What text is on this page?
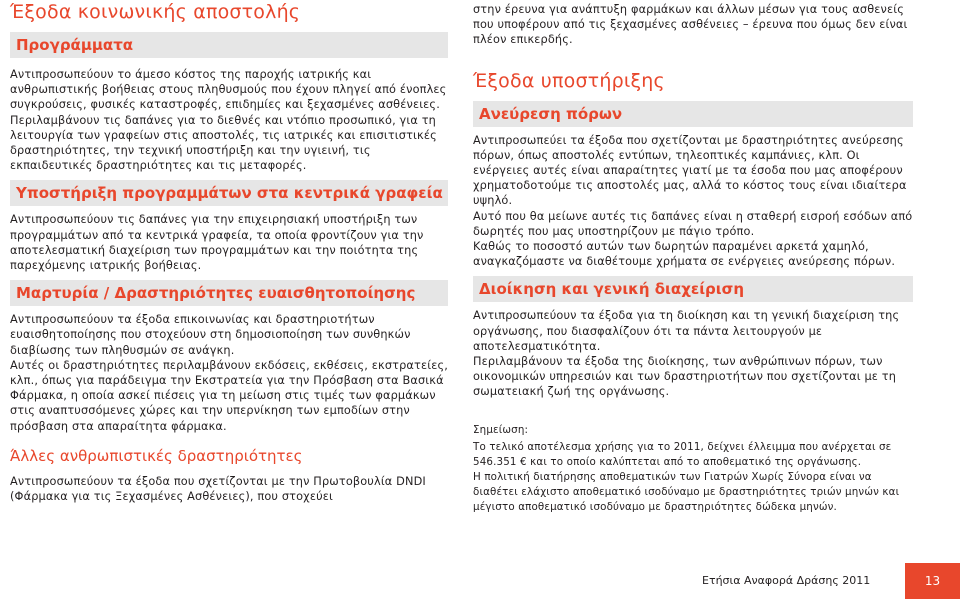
Έξοδα κοινωνικής αποστολής
Προγράμματα

Αντιπροσωπεύουν το άμεσο κόστος της παροχής ιατρικής και ανθρωπιστικής βοήθειας στους πληθυσμούς που έχουν πληγεί από ένοπλες συγκρούσεις, φυσικές καταστροφές, επιδημίες και ξεχασμένες ασθένειες. Περιλαμβάνουν τις δαπάνες για το διεθνές και ντόπιο προσωπικό, για τη λειτουργία των γραφείων στις αποστολές, τις ιατρικές και επισιτιστικές δραστηριότητες, την τεχνική υποστήριξη και την υγιεινή, τις εκπαιδευτικές δραστηριότητες και τις μεταφορές.

Υποστήριξη προγραμμάτων στα κεντρικά γραφεία

Αντιπροσωπεύουν τις δαπάνες για την επιχειρησιακή υποστήριξη των προγραμμάτων από τα κεντρικά γραφεία, τα οποία φροντίζουν για την αποτελεσματική διαχείριση των προγραμμάτων και την ποιότητα της παρεχόμενης ιατρικής βοήθειας.

Μαρτυρία / Δραστηριότητες ευαισθητοποίησης

Αντιπροσωπεύουν τα έξοδα επικοινωνίας και δραστηριοτήτων ευαισθητοποίησης που στοχεύουν στη δημοσιοποίηση των συνθηκών διαβίωσης των πληθυσμών σε ανάγκη.

Αυτές οι δραστηριότητες περιλαμβάνουν εκδόσεις, εκθέσεις, εκστρατείες, κλπ., όπως για παράδειγμα την Εκστρατεία για την Πρόσβαση στα Βασικά Φάρμακα, η οποία ασκεί πιέσεις για τη μείωση στις τιμές των φαρμάκων στις αναπτυσσόμενες χώρες και την υπερνίκηση των εμποδίων στην πρόσβαση στα απαραίτητα φάρμακα.

Άλλες ανθρωπιστικές δραστηριότητες

Αντιπροσωπεύουν τα έξοδα που σχετίζονται με την Πρωτοβουλία DNDI (Φάρμακα για τις Ξεχασμένες Ασθένειες), που στοχεύει

στην έρευνα για ανάπτυξη φαρμάκων και άλλων μέσων για τους ασθενείς που υποφέρουν από τις ξεχασμένες ασθένειες – έρευνα που όμως δεν είναι πλέον επικερδής.

Έξοδα υποστήριξης
Ανεύρεση πόρων

Αντιπροσωπεύει τα έξοδα που σχετίζονται με δραστηριότητες ανεύρεσης πόρων, όπως αποστολές εντύπων, τηλεοπτικές καμπάνιες, κλπ. Οι ενέργειες αυτές είναι απαραίτητες γιατί με τα έσοδα που μας αποφέρουν χρηματοδοτούμε τις αποστολές μας, αλλά το κόστος τους είναι ιδιαίτερα υψηλό.

Αυτό που θα μείωνε αυτές τις δαπάνες είναι η σταθερή εισροή εσόδων από δωρητές που μας υποστηρίζουν με πάγιο τρόπο.

Καθώς το ποσοστό αυτών των δωρητών παραμένει αρκετά χαμηλό, αναγκαζόμαστε να διαθέτουμε χρήματα σε ενέργειες ανεύρεσης πόρων.

Διοίκηση και γενική διαχείριση

Αντιπροσωπεύουν τα έξοδα για τη διοίκηση και τη γενική διαχείριση της οργάνωσης, που διασφαλίζουν ότι τα πάντα λειτουργούν με αποτελεσματικότητα.

Περιλαμβάνουν τα έξοδα της διοίκησης, των ανθρώπινων πόρων, των οικονομικών υπηρεσιών και των δραστηριοτήτων που σχετίζονται με τη σωματειακή ζωή της οργάνωσης.

Σημείωση:

Το τελικό αποτέλεσμα χρήσης για το 2011, δείχνει έλλειμμα που ανέρχεται σε 546.351 € και το οποίο καλύπτεται από το αποθεματικό της οργάνωσης.

Η πολιτική διατήρησης αποθεματικών των Γιατρών Χωρίς Σύνορα είναι να διαθέτει ελάχιστο αποθεματικό ισοδύναμο με δραστηριότητες τριών μηνών και μέγιστο αποθεματικό ισοδύναμο με δραστηριότητες δώδεκα μηνών.

Ετήσια Αναφορά Δράσης 2011	13
